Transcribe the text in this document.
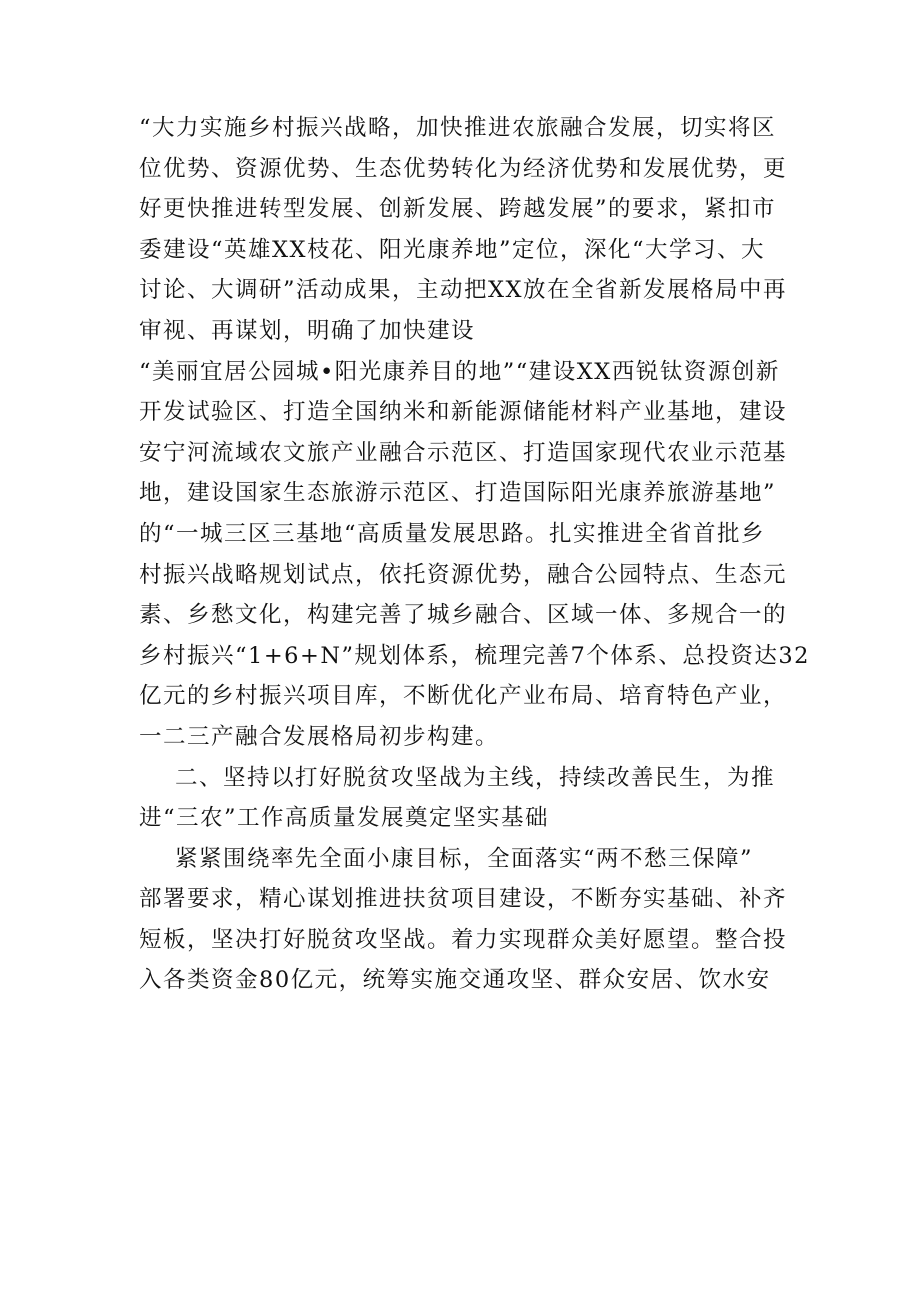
“大力实施乡村振兴战略，加快推进农旅融合发展，切实将区
位优势、资源优势、生态优势转化为经济优势和发展优势，更
好更快推进转型发展、创新发展、跨越发展”的要求，紧扣市
委建设“英雄XX枝花、阳光康养地”定位，深化“大学习、大
讨论、大调研”活动成果，主动把XX放在全省新发展格局中再
审视、再谋划，明确了加快建设
“美丽宜居公园城•阳光康养目的地”“建设XX西锐钛资源创新
开发试验区、打造全国纳米和新能源储能材料产业基地，建设
安宁河流域农文旅产业融合示范区、打造国家现代农业示范基
地，建设国家生态旅游示范区、打造国际阳光康养旅游基地”
的“一城三区三基地“高质量发展思路。扎实推进全省首批乡
村振兴战略规划试点，依托资源优势，融合公园特点、生态元
素、乡愁文化，构建完善了城乡融合、区域一体、多规合一的
乡村振兴“1+6+N”规划体系，梳理完善7个体系、总投资达32
亿元的乡村振兴项目库，不断优化产业布局、培育特色产业，
一二三产融合发展格局初步构建。
二、坚持以打好脱贫攻坚战为主线，持续改善民生，为推
进“三农”工作高质量发展奠定坚实基础
紧紧围绕率先全面小康目标，全面落实“两不愁三保障”
部署要求，精心谋划推进扶贫项目建设，不断夯实基础、补齐
短板，坚决打好脱贫攻坚战。着力实现群众美好愿望。整合投
入各类资金80亿元，统筹实施交通攻坚、群众安居、饮水安
